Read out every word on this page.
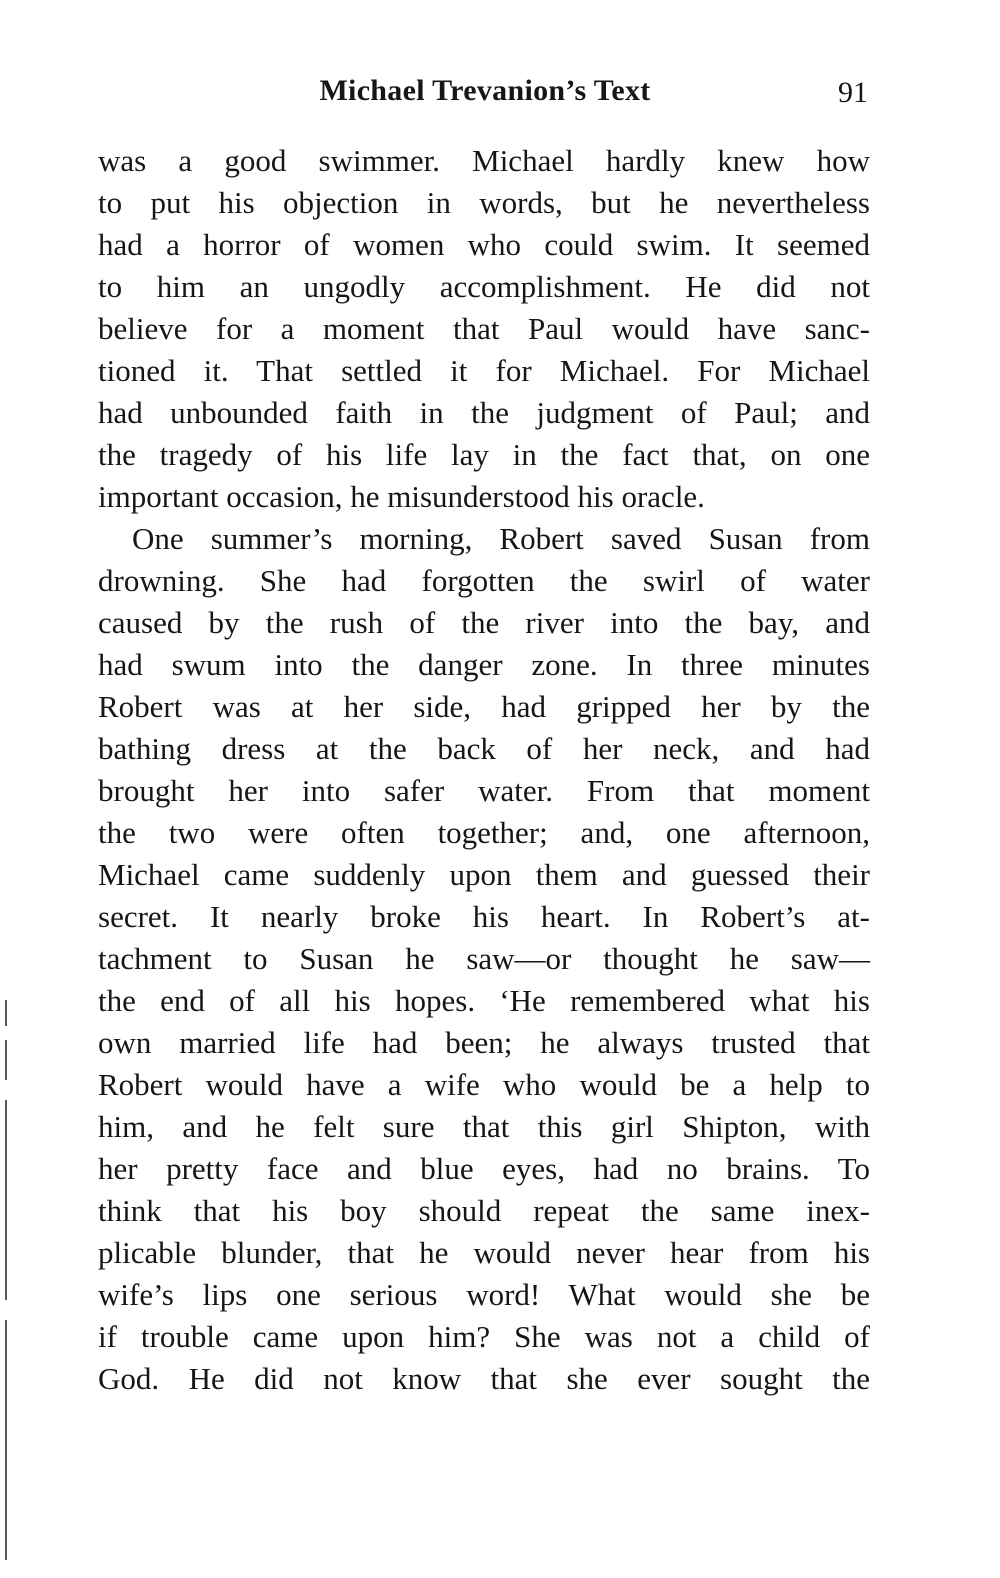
Michael Trevanion’s Text	91
was a good swimmer. Michael hardly knew how
to put his objection in words, but he nevertheless
had a horror of women who could swim. It seemed
to him an ungodly accomplishment. He did not
believe for a moment that Paul would have sanc-
tioned it. That settled it for Michael. For Michael
had unbounded faith in the judgment of Paul; and
the tragedy of his life lay in the fact that, on one
important occasion, he misunderstood his oracle.
One summer’s morning, Robert saved Susan from
drowning. She had forgotten the swirl of water
caused by the rush of the river into the bay, and
had swum into the danger zone. In three minutes
Robert was at her side, had gripped her by the
bathing dress at the back of her neck, and had
brought her into safer water. From that moment
the two were often together; and, one afternoon,
Michael came suddenly upon them and guessed their
secret. It nearly broke his heart. In Robert’s at-
tachment to Susan he saw—or thought he saw—
the end of all his hopes. ‘He remembered what his
own married life had been; he always trusted that
Robert would have a wife who would be a help to
him, and he felt sure that this girl Shipton, with
her pretty face and blue eyes, had no brains. To
think that his boy should repeat the same inex-
plicable blunder, that he would never hear from his
wife’s lips one serious word! What would she be
if trouble came upon him? She was not a child of
God. He did not know that she ever sought the
